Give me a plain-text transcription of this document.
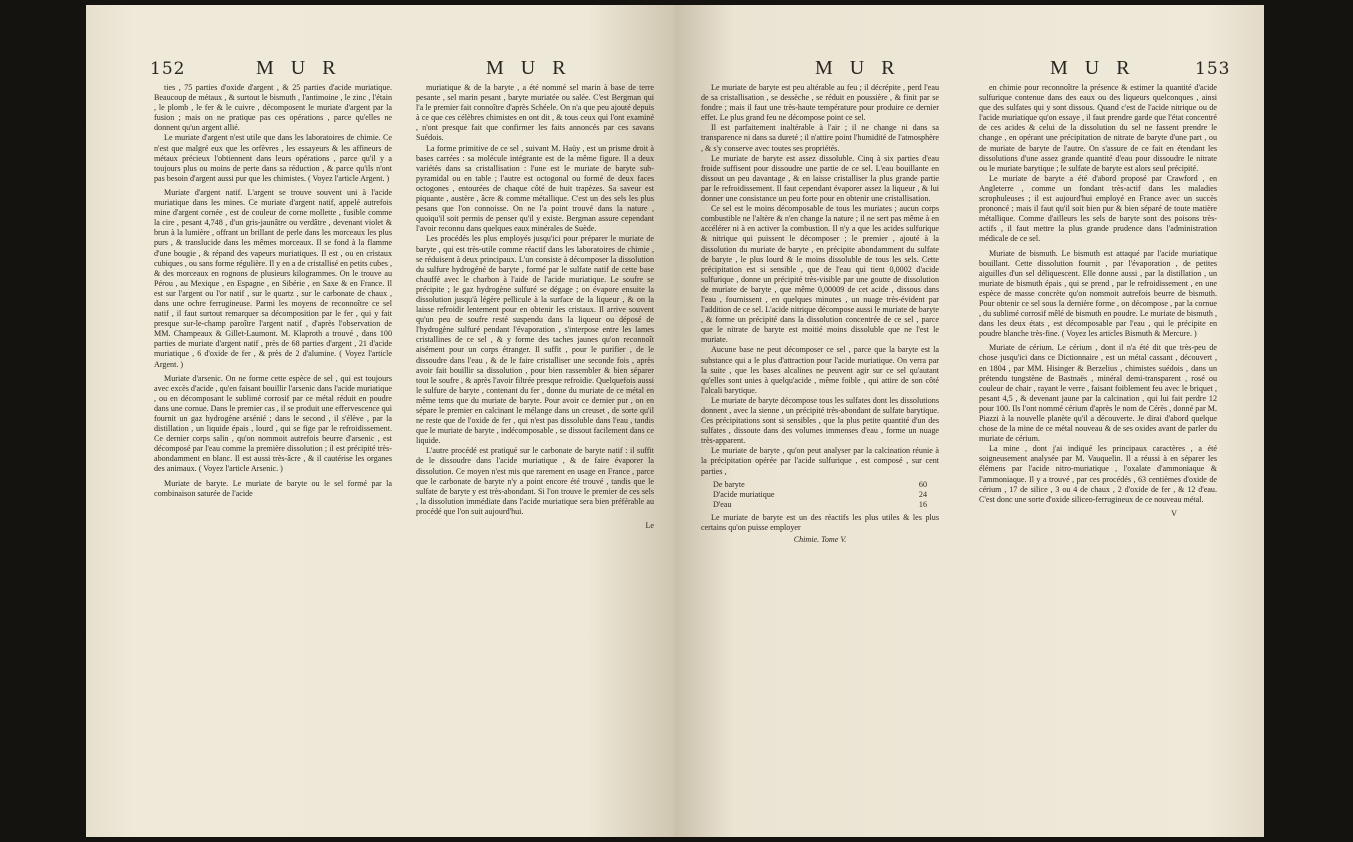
152	M U R	M U R

ties , 75 parties d'oxide d'argent , & 25 parties d'acide muriatique. Beaucoup de métaux , & surtout le bismuth , l'antimoine , le zinc , l'étain , le plomb , le fer & le cuivre , décomposent le muriate d'argent par la fusion ; mais on ne pratique pas ces opérations , parce qu'elles ne donnent qu'un argent allié.

Le muriate d'argent n'est utile que dans les laboratoires de chimie. Ce n'est que malgré eux que les orfèvres , les essayeurs & les affineurs de métaux précieux l'obtiennent dans leurs opérations , parce qu'il y a toujours plus ou moins de perte dans sa réduction , & parce qu'ils n'ont pas besoin d'argent aussi pur que les chimistes. ( Voyez l'article Argent. )

Muriate d'argent natif. L'argent se trouve souvent uni à l'acide muriatique dans les mines. Ce muriate d'argent natif, appelé autrefois mine d'argent cornée , est de couleur de corne mollette , fusible comme la cire , pesant 4,748 , d'un gris-jaunâtre ou verdâtre , devenant violet & brun à la lumière , offrant un brillant de perle dans les morceaux les plus purs , & translucide dans les mêmes morceaux. Il se fond à la flamme d'une bougie , & répand des vapeurs muriatiques. Il est , ou en cristaux cubiques , ou sans forme régulière. Il y en a de cristallisé en petits cubes , & des morceaux en rognons de plusieurs kilogrammes. On le trouve au Pérou , au Mexique , en Espagne , en Sibérie , en Saxe & en France. Il est sur l'argent ou l'or natif , sur le quartz , sur le carbonate de chaux , dans une ochre ferrugineuse. Parmi les moyens de reconnoître ce sel natif , il faut surtout remarquer sa décomposition par le fer , qui y fait presque sur-le-champ paroître l'argent natif , d'après l'observation de MM. Champeaux & Gillet-Laumont. M. Klaproth a trouvé , dans 100 parties de muriate d'argent natif , près de 68 parties d'argent , 21 d'acide muriatique , 6 d'oxide de fer , & près de 2 d'alumine. ( Voyez l'article Argent. )

Muriate d'arsenic. On ne forme cette espèce de sel , qui est toujours avec excès d'acide , qu'en faisant bouillir l'arsenic dans l'acide muriatique , ou en décomposant le sublimé corrosif par ce métal réduit en poudre dans une cornue. Dans le premier cas , il se produit une effervescence qui fournit un gaz hydrogène arsénié ; dans le second , il s'élève , par la distillation , un liquide épais , lourd , qui se fige par le refroidissement. Ce dernier corps salin , qu'on nommoit autrefois beurre d'arsenic , est décomposé par l'eau comme la première dissolution ; il est précipité très-abondamment en blanc. Il est aussi très-âcre , & il cautérise les organes des animaux. ( Voyez l'article Arsenic. )

Muriate de baryte. Le muriate de baryte ou le sel formé par la combinaison saturée de l'acide

muriatique & de la baryte , a été nommé sel marin à base de terre pesante , sel marin pesant , baryte muriatée ou salée. C'est Bergman qui l'a le premier fait connoître d'après Schéele. On n'a que peu ajouté depuis à ce que ces célèbres chimistes en ont dit , & tous ceux qui l'ont examiné , n'ont presque fait que confirmer les faits annoncés par ces savans Suédois.

La forme primitive de ce sel , suivant M. Haüy , est un prisme droit à bases carrées : sa molécule intégrante est de la même figure. Il a deux variétés dans sa cristallisation : l'une est le muriate de baryte sub-pyramidal ou en table ; l'autre est octogonal ou formé de deux faces octogones , entourées de chaque côté de huit trapèzes. Sa saveur est piquante , austère , âcre & comme métallique. C'est un des sels les plus pesans que l'on connoisse. On ne l'a point trouvé dans la nature , quoiqu'il soit permis de penser qu'il y existe. Bergman assure cependant l'avoir reconnu dans quelques eaux minérales de Suède.

Les procédés les plus employés jusqu'ici pour préparer le muriate de baryte , qui est très-utile comme réactif dans les laboratoires de chimie , se réduisent à deux principaux. L'un consiste à décomposer la dissolution du sulfure hydrogéné de baryte , formé par le sulfate natif de cette base chauffé avec le charbon à l'aide de l'acide muriatique. Le soufre se précipite ; le gaz hydrogène sulfuré se dégage ; on évapore ensuite la dissolution jusqu'à légère pellicule à la surface de la liqueur , & on la laisse refroidir lentement pour en obtenir les cristaux. Il arrive souvent qu'un peu de soufre resté suspendu dans la liqueur ou déposé de l'hydrogène sulfuré pendant l'évaporation , s'interpose entre les lames cristallines de ce sel , & y forme des taches jaunes qu'on reconnoît aisément pour un corps étranger. Il suffit , pour le purifier , de le dissoudre dans l'eau , & de le faire cristalliser une seconde fois , après avoir fait bouillir sa dissolution , pour bien rassembler & bien séparer tout le soufre , & après l'avoir filtrée presque refroidie. Quelquefois aussi le sulfure de baryte , contenant du fer , donne du muriate de ce métal en même tems que du muriate de baryte. Pour avoir ce dernier pur , on en sépare le premier en calcinant le mélange dans un creuset , de sorte qu'il ne reste que de l'oxide de fer , qui n'est pas dissoluble dans l'eau , tandis que le muriate de baryte , indécomposable , se dissout facilement dans ce liquide.

L'autre procédé est pratiqué sur le carbonate de baryte natif : il suffit de le dissoudre dans l'acide muriatique , & de faire évaporer la dissolution. Ce moyen n'est mis que rarement en usage en France , parce que le carbonate de baryte n'y a point encore été trouvé , tandis que le sulfate de baryte y est très-abondant. Si l'on trouve le premier de ces sels , la dissolution immédiate dans l'acide muriatique sera bien préférable au procédé que l'on suit aujourd'hui.

Le
M U R	M U R	153

Le muriate de baryte est peu altérable au feu ; il décrépite , perd l'eau de sa cristallisation , se dessèche , se réduit en poussière , & finit par se fondre ; mais il faut une très-haute température pour produire ce dernier effet. Le plus grand feu ne décompose point ce sel.

Il est parfaitement inaltérable à l'air ; il ne change ni dans sa transparence ni dans sa dureté ; il n'attire point l'humidité de l'atmosphère , & s'y conserve avec toutes ses propriétés.

Le muriate de baryte est assez dissoluble. Cinq à six parties d'eau froide suffisent pour dissoudre une partie de ce sel. L'eau bouillante en dissout un peu davantage , & en laisse cristalliser la plus grande partie par le refroidissement. Il faut cependant évaporer assez la liqueur , & lui donner une consistance un peu forte pour en obtenir une cristallisation.

Ce sel est le moins décomposable de tous les muriates ; aucun corps combustible ne l'altère & n'en change la nature ; il ne sert pas même à en accélérer ni à en activer la combustion. Il n'y a que les acides sulfurique & nitrique qui puissent le décomposer ; le premier , ajouté à la dissolution du muriate de baryte , en précipite abondamment du sulfate de baryte , le plus lourd & le moins dissoluble de tous les sels. Cette précipitation est si sensible , que de l'eau qui tient 0,0002 d'acide sulfurique , donne un précipité très-visible par une goutte de dissolution de muriate de baryte , que même 0,00009 de cet acide , dissous dans l'eau , fournissent , en quelques minutes , un nuage très-évident par l'addition de ce sel. L'acide nitrique décompose aussi le muriate de baryte , & forme un précipité dans la dissolution concentrée de ce sel , parce que le nitrate de baryte est moitié moins dissoluble que ne l'est le muriate.

Aucune base ne peut décomposer ce sel , parce que la baryte est la substance qui a le plus d'attraction pour l'acide muriatique. On verra par la suite , que les bases alcalines ne peuvent agir sur ce sel qu'autant qu'elles sont unies à quelqu'acide , même foible , qui attire de son côté l'alcali barytique.

Le muriate de baryte décompose tous les sulfates dont les dissolutions donnent , avec la sienne , un précipité très-abondant de sulfate barytique. Ces précipitations sont si sensibles , que la plus petite quantité d'un des sulfates , dissoute dans des volumes immenses d'eau , forme un nuage très-apparent.

Le muriate de baryte , qu'on peut analyser par la calcination réunie à la précipitation opérée par l'acide sulfurique , est composé , sur cent parties ,

De baryte	60
D'acide muriatique	24
D'eau	16

Le muriate de baryte est un des réactifs les plus utiles & les plus certains qu'on puisse employer

Chimie. Tome V.

en chimie pour reconnoître la présence & estimer la quantité d'acide sulfurique contenue dans des eaux ou des liqueurs quelconques , ainsi que des sulfates qui y sont dissous. Quand c'est de l'acide nitrique ou de l'acide muriatique qu'on essaye , il faut prendre garde que l'état concentré de ces acides & celui de la dissolution du sel ne fassent prendre le change , en opérant une précipitation de nitrate de baryte d'une part , ou de muriate de baryte de l'autre. On s'assure de ce fait en étendant les dissolutions d'une assez grande quantité d'eau pour dissoudre le nitrate ou le muriate barytique ; le sulfate de baryte est alors seul précipité.

Le muriate de baryte a été d'abord proposé par Crawford , en Angleterre , comme un fondant très-actif dans les maladies scrophuleuses ; il est aujourd'hui employé en France avec un succès prononcé ; mais il faut qu'il soit bien pur & bien séparé de toute matière métallique. Comme d'ailleurs les sels de baryte sont des poisons très-actifs , il faut mettre la plus grande prudence dans l'administration médicale de ce sel.

Muriate de bismuth. Le bismuth est attaqué par l'acide muriatique bouillant. Cette dissolution fournit , par l'évaporation , de petites aiguilles d'un sel déliquescent. Elle donne aussi , par la distillation , un muriate de bismuth épais , qui se prend , par le refroidissement , en une espèce de masse concrète qu'on nommoit autrefois beurre de bismuth. Pour obtenir ce sel sous la dernière forme , on décompose , par la cornue , du sublimé corrosif mêlé de bismuth en poudre. Le muriate de bismuth , dans les deux états , est décomposable par l'eau , qui le précipite en poudre blanche très-fine. ( Voyez les articles Bismuth & Mercure. )

Muriate de cérium. Le cérium , dont il n'a été dit que très-peu de chose jusqu'ici dans ce Dictionnaire , est un métal cassant , découvert , en 1804 , par MM. Hisinger & Berzelius , chimistes suédois , dans un prétendu tungstène de Bastnaës , minéral demi-transparent , rosé ou couleur de chair , rayant le verre , faisant foiblement feu avec le briquet , pesant 4,5 , & devenant jaune par la calcination , qui lui fait perdre 12 pour 100. Ils l'ont nommé cérium d'après le nom de Cérès , donné par M. Piazzi à la nouvelle planète qu'il a découverte. Je dirai d'abord quelque chose de la mine de ce métal nouveau & de ses oxides avant de parler du muriate de cérium.

La mine , dont j'ai indiqué les principaux caractères , a été soigneusement analysée par M. Vauquelin. Il a réussi à en séparer les élémens par l'acide nitro-muriatique , l'oxalate d'ammoniaque & l'ammoniaque. Il y a trouvé , par ces procédés , 63 centièmes d'oxide de cérium , 17 de silice , 3 ou 4 de chaux , 2 d'oxide de fer , & 12 d'eau. C'est donc une sorte d'oxide siliceo-ferrugineux de ce nouveau métal.

V
